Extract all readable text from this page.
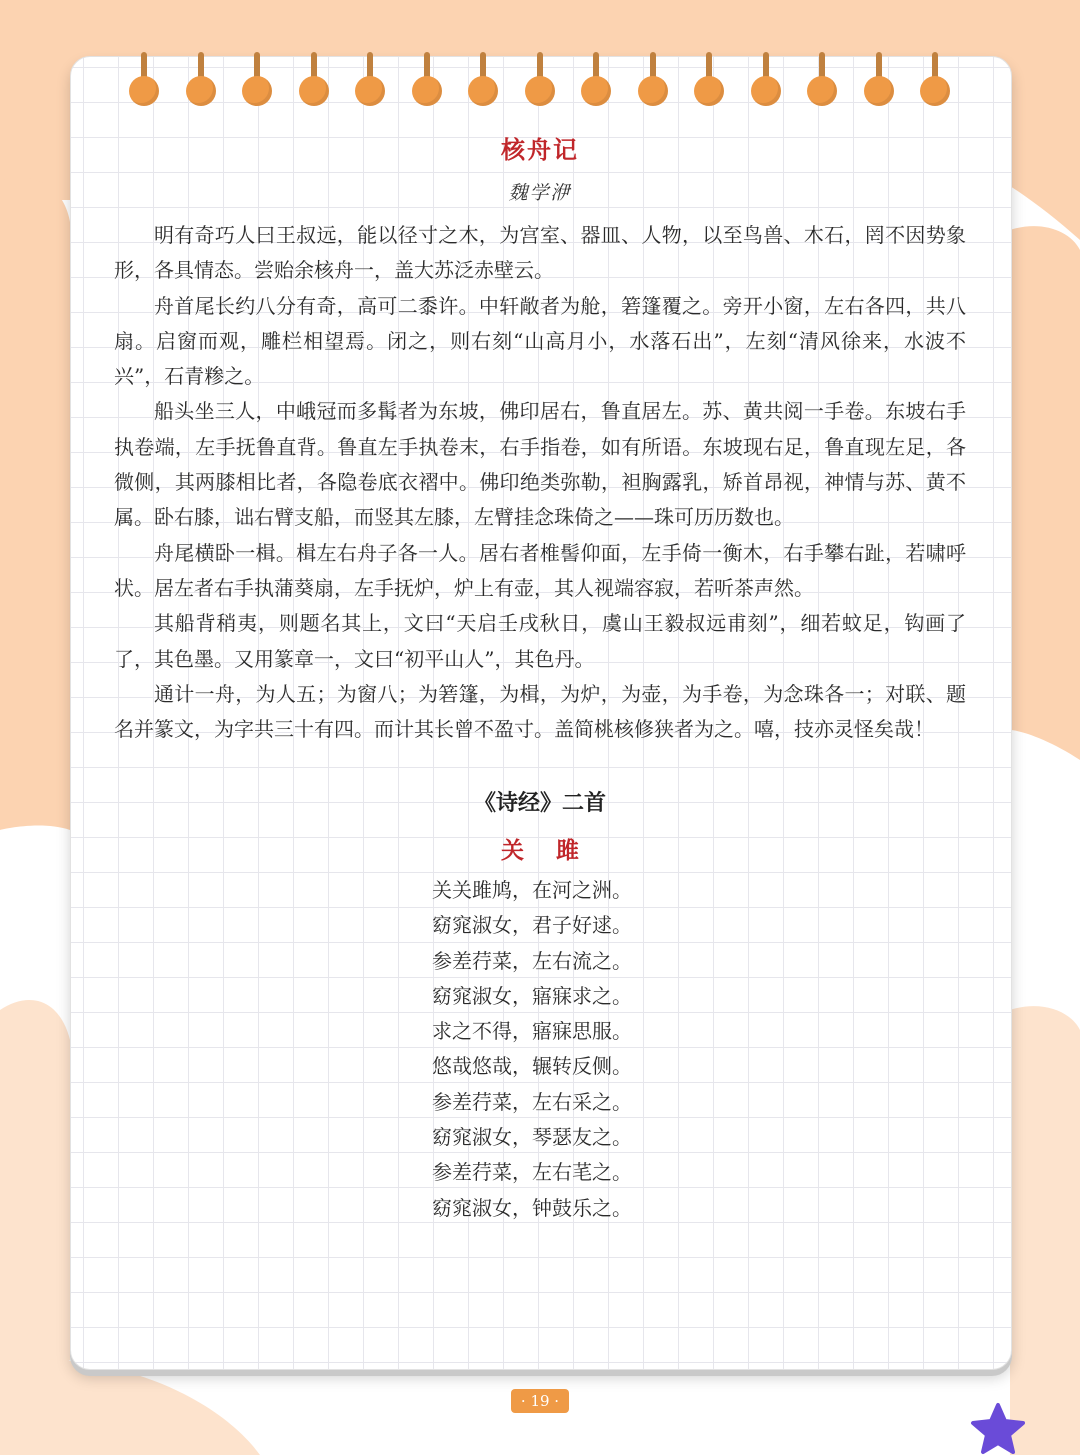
核舟记
魏学洢

明有奇巧人曰王叔远，能以径寸之木，为宫室、器皿、人物，以至鸟兽、木石，罔不因势象形，各具情态。尝贻余核舟一，盖大苏泛赤壁云。

舟首尾长约八分有奇，高可二黍许。中轩敞者为舱，箬篷覆之。旁开小窗，左右各四，共八扇。启窗而观，雕栏相望焉。闭之，则右刻“山高月小，水落石出”，左刻“清风徐来，水波不兴”，石青糁之。

船头坐三人，中峨冠而多髯者为东坡，佛印居右，鲁直居左。苏、黄共阅一手卷。东坡右手执卷端，左手抚鲁直背。鲁直左手执卷末，右手指卷，如有所语。东坡现右足，鲁直现左足，各微侧，其两膝相比者，各隐卷底衣褶中。佛印绝类弥勒，袒胸露乳，矫首昂视，神情与苏、黄不属。卧右膝，诎右臂支船，而竖其左膝，左臂挂念珠倚之——珠可历历数也。

舟尾横卧一楫。楫左右舟子各一人。居右者椎髻仰面，左手倚一衡木，右手攀右趾，若啸呼状。居左者右手执蒲葵扇，左手抚炉，炉上有壶，其人视端容寂，若听茶声然。

其船背稍夷，则题名其上，文曰“天启壬戌秋日，虞山王毅叔远甫刻”，细若蚊足，钩画了了，其色墨。又用篆章一，文曰“初平山人”，其色丹。

通计一舟，为人五；为窗八；为箬篷，为楫，为炉，为壶，为手卷，为念珠各一；对联、题名并篆文，为字共三十有四。而计其长曾不盈寸。盖简桃核修狭者为之。嘻，技亦灵怪矣哉！

《诗经》二首
关 雎
关关雎鸠，在河之洲。
窈窕淑女，君子好逑。
参差荇菜，左右流之。
窈窕淑女，寤寐求之。
求之不得，寤寐思服。
悠哉悠哉，辗转反侧。
参差荇菜，左右采之。
窈窕淑女，琴瑟友之。
参差荇菜，左右芼之。
窈窕淑女，钟鼓乐之。
· 19 ·
